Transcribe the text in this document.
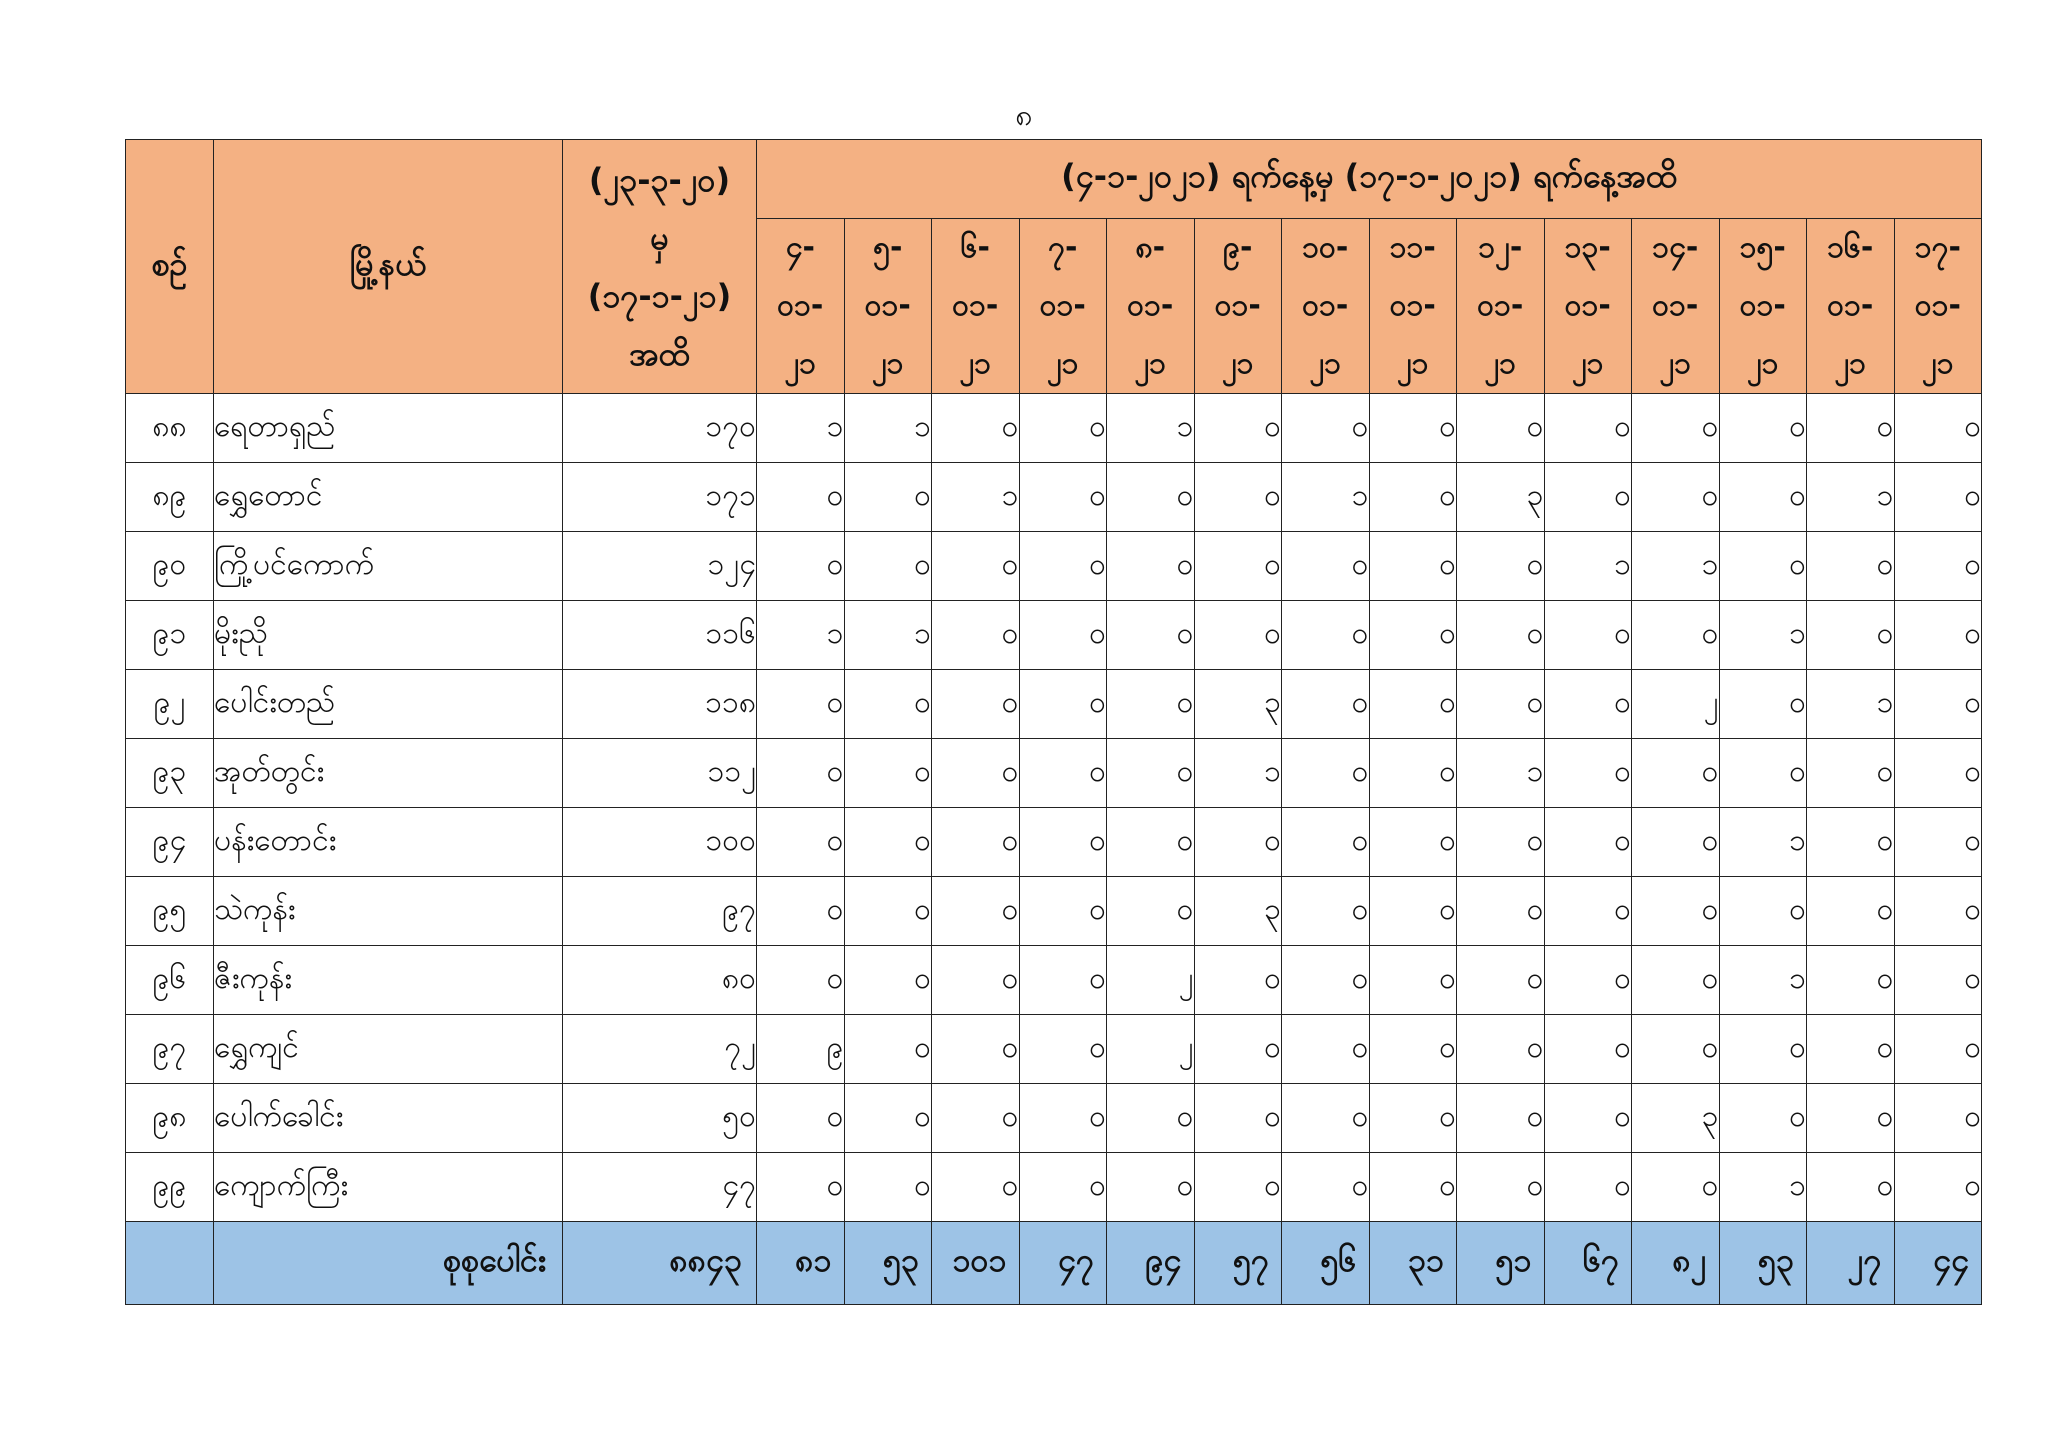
၈
စဉ်	မြို့နယ်	(၂၃-၃-၂၀)
မှ
(၁၇-၁-၂၁)
အထိ	(၄-၁-၂၀၂၁) ရက်နေ့မှ (၁၇-၁-၂၀၂၁) ရက်နေ့အထိ													
			၄-
၀၁-
၂၁	၅-
၀၁-
၂၁	၆-
၀၁-
၂၁	၇-
၀၁-
၂၁	၈-
၀၁-
၂၁	၉-
၀၁-
၂၁	၁၀-
၀၁-
၂၁	၁၁-
၀၁-
၂၁	၁၂-
၀၁-
၂၁	၁၃-
၀၁-
၂၁	၁၄-
၀၁-
၂၁	၁၅-
၀၁-
၂၁	၁၆-
၀၁-
၂၁	၁၇-
၀၁-
၂၁
၈၈	ရေတာရှည်	၁၇၀	၁	၁	၀	၀	၁	၀	၀	၀	၀	၀	၀	၀	၀	၀
၈၉	ရွှေတောင်	၁၇၁	၀	၀	၁	၀	၀	၀	၁	၀	၃	၀	၀	၀	၁	၀
၉၀	ကြို့ပင်ကောက်	၁၂၄	၀	၀	၀	၀	၀	၀	၀	၀	၀	၁	၁	၀	၀	၀
၉၁	မိုးညို	၁၁၆	၁	၁	၀	၀	၀	၀	၀	၀	၀	၀	၀	၁	၀	၀
၉၂	ပေါင်းတည်	၁၁၈	၀	၀	၀	၀	၀	၃	၀	၀	၀	၀	၂	၀	၁	၀
၉၃	အုတ်တွင်း	၁၁၂	၀	၀	၀	၀	၀	၁	၀	၀	၁	၀	၀	၀	၀	၀
၉၄	ပန်းတောင်း	၁၀၀	၀	၀	၀	၀	၀	၀	၀	၀	၀	၀	၀	၁	၀	၀
၉၅	သဲကုန်း	၉၇	၀	၀	၀	၀	၀	၃	၀	၀	၀	၀	၀	၀	၀	၀
၉၆	ဇီးကုန်း	၈၀	၀	၀	၀	၀	၂	၀	၀	၀	၀	၀	၀	၁	၀	၀
၉၇	ရွှေကျင်	၇၂	၉	၀	၀	၀	၂	၀	၀	၀	၀	၀	၀	၀	၀	၀
၉၈	ပေါက်ခေါင်း	၅၀	၀	၀	၀	၀	၀	၀	၀	၀	၀	၀	၃	၀	၀	၀
၉၉	ကျောက်ကြီး	၄၇	၀	၀	၀	၀	၀	၀	၀	၀	၀	၀	၀	၁	၀	၀
	စုစုပေါင်း	၈၈၄၃	၈၁	၅၃	၁၀၁	၄၇	၉၄	၅၇	၅၆	၃၁	၅၁	၆၇	၈၂	၅၃	၂၇	၄၄
